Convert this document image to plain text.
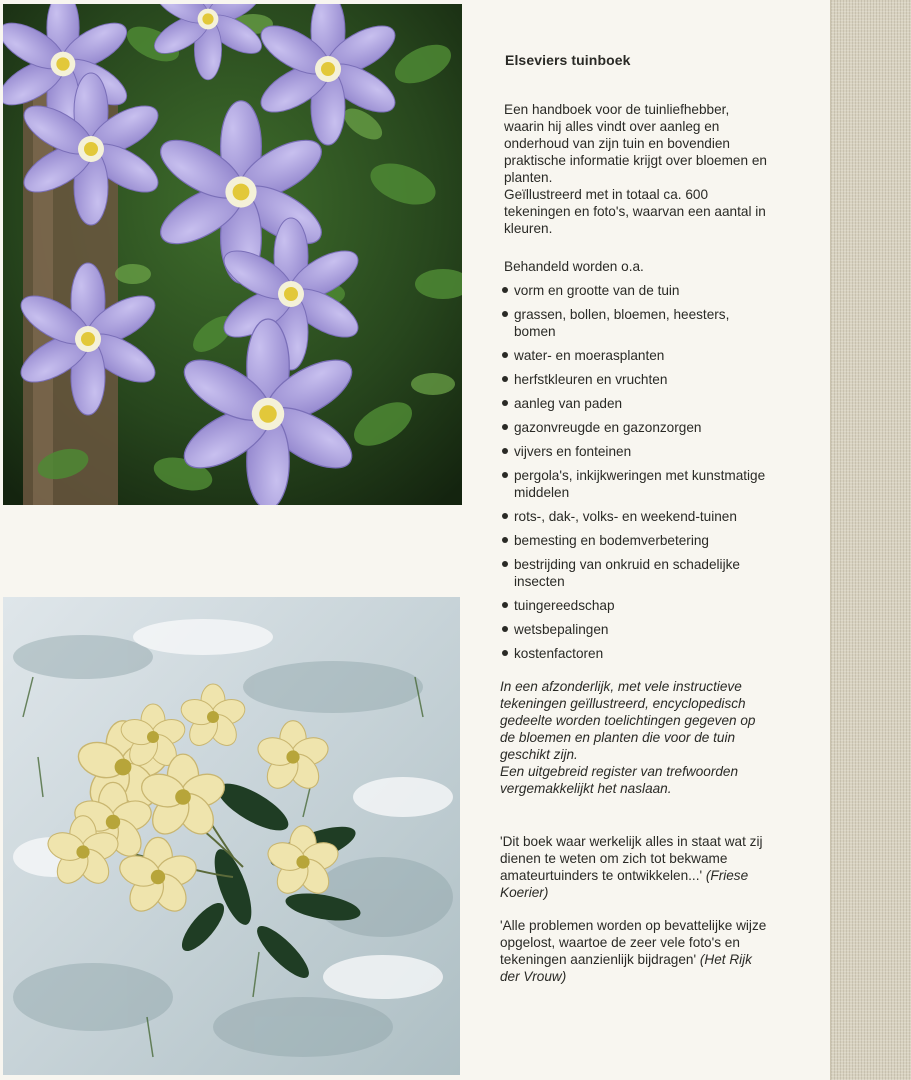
Elseviers tuinboek

Een handboek voor de tuinliefhebber, waarin hij alles vindt over aanleg en onderhoud van zijn tuin en bovendien praktische informatie krijgt over bloemen en planten.

Geïllustreerd met in totaal ca. 600 tekeningen en foto's, waarvan een aantal in kleuren.

Behandeld worden o.a.
vorm en grootte van de tuin
grassen, bollen, bloemen, heesters, bomen
water- en moerasplanten
herfstkleuren en vruchten
aanleg van paden
gazonvreugde en gazonzorgen
vijvers en fonteinen
pergola's, inkijkweringen met kunstmatige middelen
rots-, dak-, volks- en weekend-tuinen
bemesting en bodemverbetering
bestrijding van onkruid en schadelijke insecten
tuingereedschap
wetsbepalingen
kostenfactoren

In een afzonderlijk, met vele instructieve tekeningen geïllustreerd, encyclopedisch gedeelte worden toelichtingen gegeven op de bloemen en planten die voor de tuin geschikt zijn.

Een uitgebreid register van trefwoorden vergemakkelijkt het naslaan.

'Dit boek waar werkelijk alles in staat wat zij dienen te weten om zich tot bekwame amateurtuinders te ontwikkelen...' (Friese Koerier)
'Alle problemen worden op bevattelijke wijze opgelost, waartoe de zeer vele foto's en tekeningen aanzienlijk bijdragen' (Het Rijk der Vrouw)
